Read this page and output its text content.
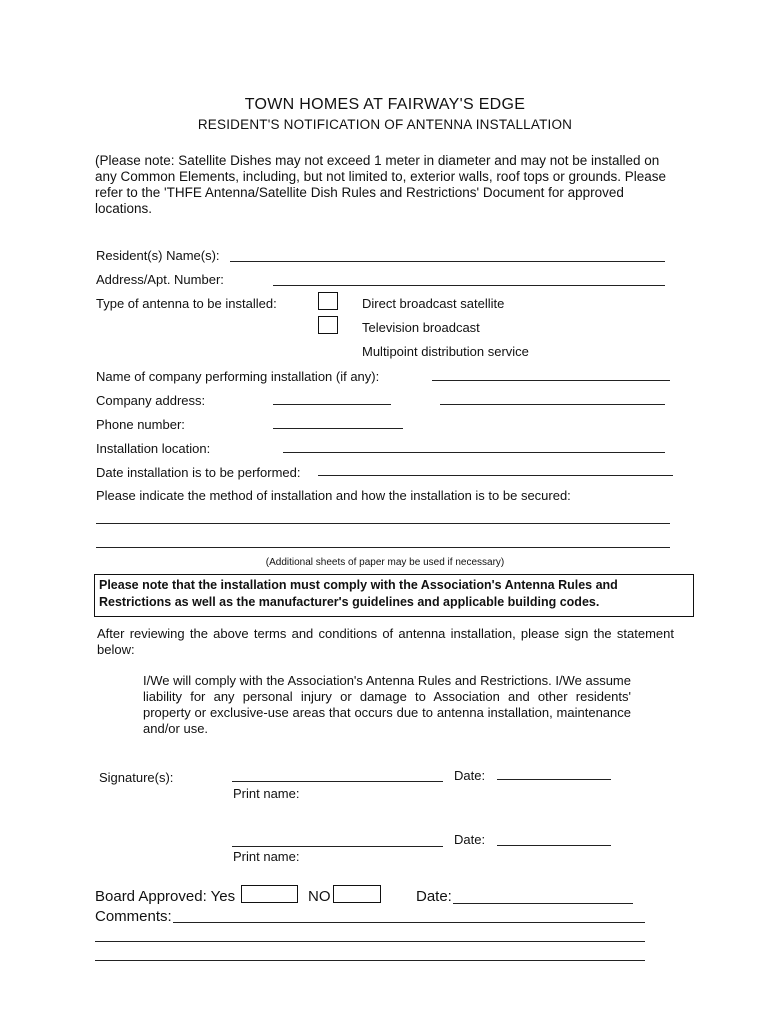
TOWN HOMES AT FAIRWAY'S EDGE
RESIDENT'S NOTIFICATION OF ANTENNA INSTALLATION
(Please note: Satellite Dishes may not exceed 1 meter in diameter and may not be installed on any Common Elements, including, but not limited to, exterior walls, roof tops or grounds. Please refer to the 'THFE Antenna/Satellite Dish Rules and Restrictions' Document for approved locations.
Resident(s) Name(s):
Address/Apt. Number:
Type of antenna to be installed:	Direct broadcast satellite
Television broadcast
Multipoint distribution service
Name of company performing installation (if any):
Company address:
Phone number:
Installation location:
Date installation is to be performed:
Please indicate the method of installation and how the installation is to be secured:
(Additional sheets of paper may be used if necessary)
Please note that the installation must comply with the Association's Antenna Rules and Restrictions as well as the manufacturer's guidelines and applicable building codes.
After reviewing the above terms and conditions of antenna installation, please sign the statement below:
I/We will comply with the Association's Antenna Rules and Restrictions. I/We assume liability for any personal injury or damage to Association and other residents' property or exclusive-use areas that occurs due to antenna installation, maintenance and/or use.
Signature(s):	Date:
Print name:
Date:
Print name:
Board Approved: Yes	NO	Date:
Comments:
